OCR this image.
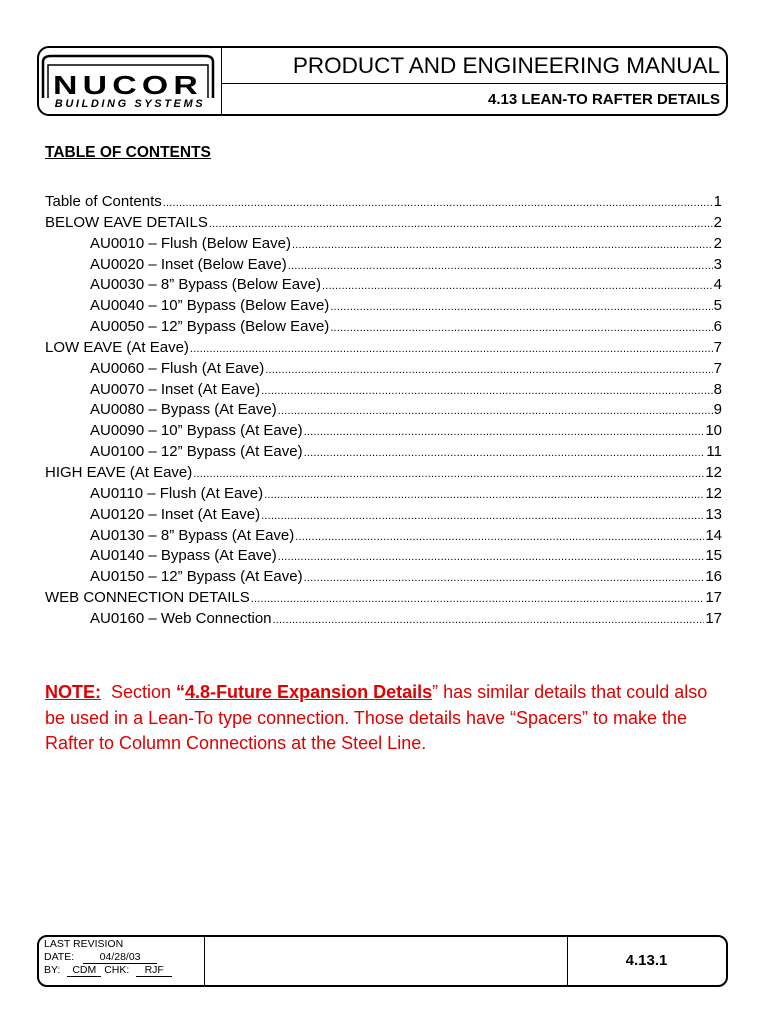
NUCOR
BUILDING SYSTEMS
PRODUCT AND ENGINEERING MANUAL
4.13 LEAN-TO RAFTER DETAILS
TABLE OF CONTENTS
Table of Contents .....	1
BELOW EAVE DETAILS .....	2
AU0010 – Flush (Below Eave) .....	2
AU0020 – Inset (Below Eave) .....	3
AU0030 – 8” Bypass (Below Eave) .....	4
AU0040 – 10” Bypass (Below Eave) .....	5
AU0050 – 12” Bypass (Below Eave) .....	6
LOW EAVE (At Eave) .....	7
AU0060 – Flush (At Eave) .....	7
AU0070 – Inset (At Eave) .....	8
AU0080 – Bypass (At Eave) .....	9
AU0090 – 10” Bypass (At Eave) .....	10
AU0100 – 12” Bypass (At Eave) .....	11
HIGH EAVE (At Eave) .....	12
AU0110 – Flush (At Eave) .....	12
AU0120 – Inset (At Eave) .....	13
AU0130 – 8” Bypass (At Eave) .....	14
AU0140 – Bypass (At Eave) .....	15
AU0150 – 12” Bypass (At Eave) .....	16
WEB CONNECTION DETAILS .....	17
AU0160 – Web Connection .....	17
NOTE:  Section “4.8-Future Expansion Details” has similar details that could also be used in a Lean-To type connection. Those details have “Spacers” to make the Rafter to Column Connections at the Steel Line.
LAST REVISION
DATE: 04/28/03
BY: CDM CHK: RJF
4.13.1
